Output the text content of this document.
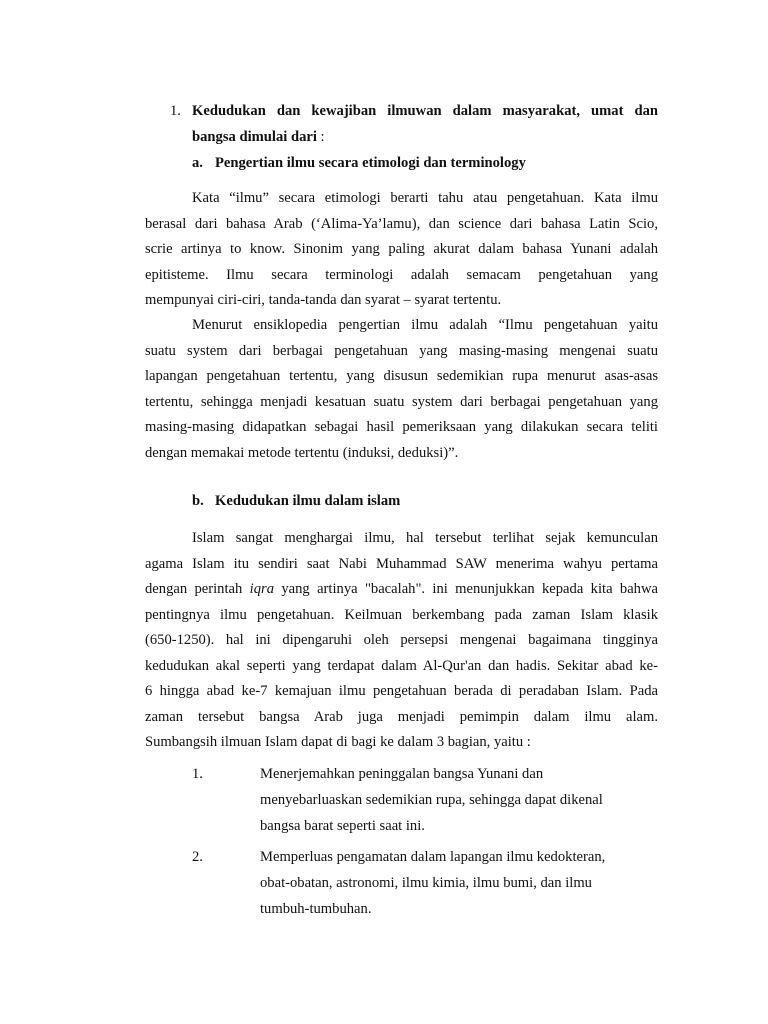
1. Kedudukan dan kewajiban ilmuwan dalam masyarakat, umat dan
bangsa dimulai dari :
a. Pengertian ilmu secara etimologi dan terminology
Kata “ilmu” secara etimologi berarti tahu atau pengetahuan. Kata ilmu
berasal dari bahasa Arab (‘Alima-Ya’lamu), dan science dari bahasa Latin Scio,
scrie artinya to know. Sinonim yang paling akurat dalam bahasa Yunani adalah
epitisteme. Ilmu secara terminologi adalah semacam pengetahuan yang
mempunyai ciri-ciri, tanda-tanda dan syarat – syarat tertentu.
Menurut ensiklopedia pengertian ilmu adalah “Ilmu pengetahuan yaitu
suatu system dari berbagai pengetahuan yang masing-masing mengenai suatu
lapangan pengetahuan tertentu, yang disusun sedemikian rupa menurut asas-asas
tertentu, sehingga menjadi kesatuan suatu system dari berbagai pengetahuan yang
masing-masing didapatkan sebagai hasil pemeriksaan yang dilakukan secara teliti
dengan memakai metode tertentu (induksi, deduksi)”.
b. Kedudukan ilmu dalam islam
Islam sangat menghargai ilmu, hal tersebut terlihat sejak kemunculan
agama Islam itu sendiri saat Nabi Muhammad SAW menerima wahyu pertama
dengan perintah iqra yang artinya "bacalah". ini menunjukkan kepada kita bahwa
pentingnya ilmu pengetahuan. Keilmuan berkembang pada zaman Islam klasik
(650-1250). hal ini dipengaruhi oleh persepsi mengenai bagaimana tingginya
kedudukan akal seperti yang terdapat dalam Al-Qur'an dan hadis. Sekitar abad ke-
6 hingga abad ke-7 kemajuan ilmu pengetahuan berada di peradaban Islam. Pada
zaman tersebut bangsa Arab juga menjadi pemimpin dalam ilmu alam.
Sumbangsih ilmuan Islam dapat di bagi ke dalam 3 bagian, yaitu :
1.	Menerjemahkan peninggalan bangsa Yunani dan
menyebarluaskan sedemikian rupa, sehingga dapat dikenal
bangsa barat seperti saat ini.
2.	Memperluas pengamatan dalam lapangan ilmu kedokteran,
obat-obatan, astronomi, ilmu kimia, ilmu bumi, dan ilmu
tumbuh-tumbuhan.
